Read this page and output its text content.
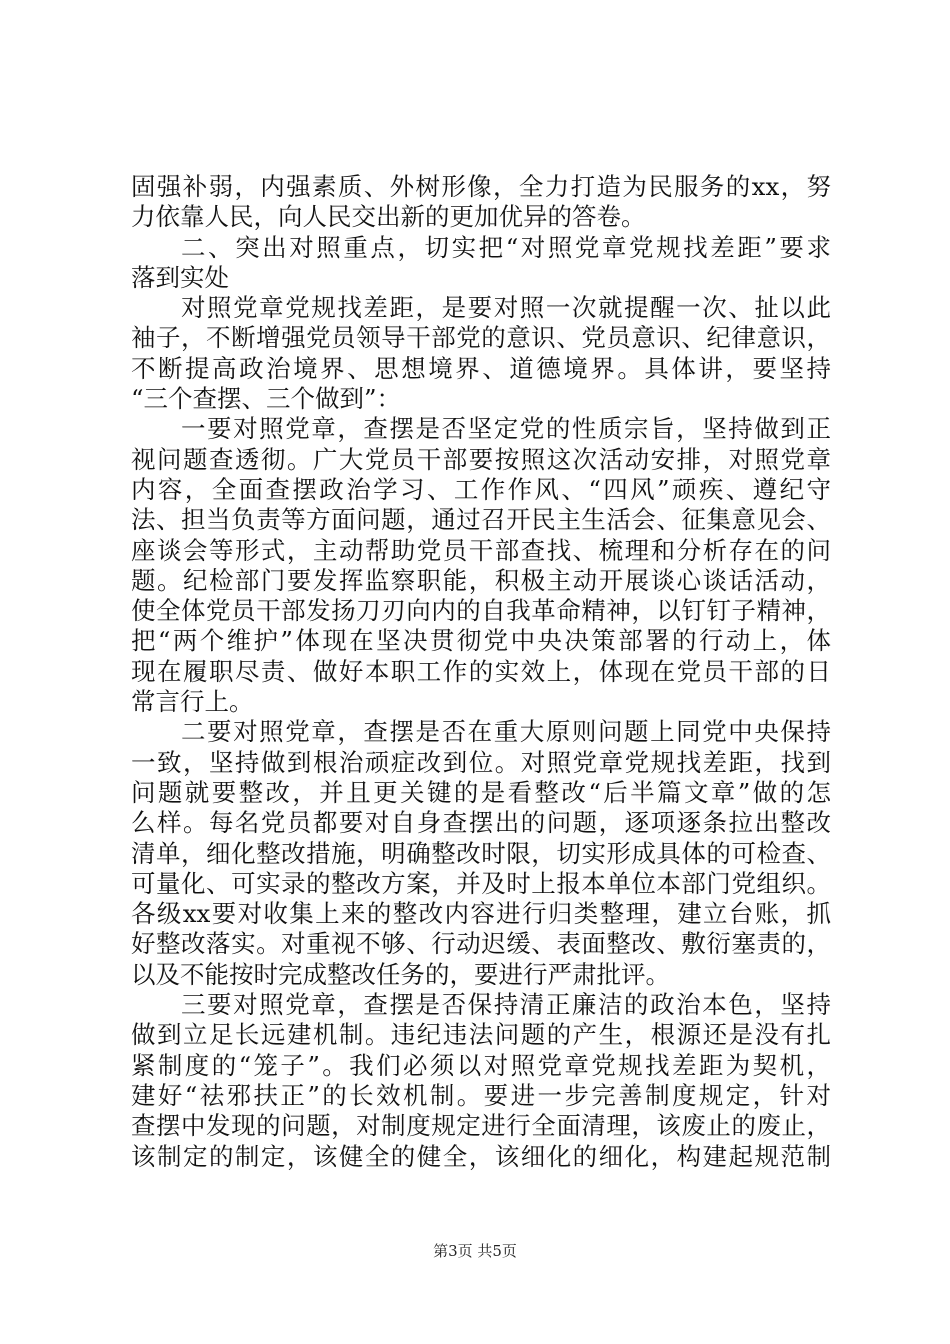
固强补弱，内强素质、外树形像，全力打造为民服务的xx，努
力依靠人民，向人民交出新的更加优异的答卷。
二、突出对照重点，切实把“对照党章党规找差距”要求
落到实处
对照党章党规找差距，是要对照一次就提醒一次、扯以此
袖子，不断增强党员领导干部党的意识、党员意识、纪律意识，
不断提高政治境界、思想境界、道德境界。具体讲，要坚持
“三个查摆、三个做到”：
一要对照党章，查摆是否坚定党的性质宗旨，坚持做到正
视问题查透彻。广大党员干部要按照这次活动安排，对照党章
内容，全面查摆政治学习、工作作风、“四风”顽疾、遵纪守
法、担当负责等方面问题，通过召开民主生活会、征集意见会、
座谈会等形式，主动帮助党员干部查找、梳理和分析存在的问
题。纪检部门要发挥监察职能，积极主动开展谈心谈话活动，
使全体党员干部发扬刀刃向内的自我革命精神，以钉钉子精神，
把“两个维护”体现在坚决贯彻党中央决策部署的行动上，体
现在履职尽责、做好本职工作的实效上，体现在党员干部的日
常言行上。
二要对照党章，查摆是否在重大原则问题上同党中央保持
一致，坚持做到根治顽症改到位。对照党章党规找差距，找到
问题就要整改，并且更关键的是看整改“后半篇文章”做的怎
么样。每名党员都要对自身查摆出的问题，逐项逐条拉出整改
清单，细化整改措施，明确整改时限，切实形成具体的可检查、
可量化、可实录的整改方案，并及时上报本单位本部门党组织。
各级xx要对收集上来的整改内容进行归类整理，建立台账，抓
好整改落实。对重视不够、行动迟缓、表面整改、敷衍塞责的，
以及不能按时完成整改任务的，要进行严肃批评。
三要对照党章，查摆是否保持清正廉洁的政治本色，坚持
做到立足长远建机制。违纪违法问题的产生，根源还是没有扎
紧制度的“笼子”。我们必须以对照党章党规找差距为契机，
建好“祛邪扶正”的长效机制。要进一步完善制度规定，针对
查摆中发现的问题，对制度规定进行全面清理，该废止的废止，
该制定的制定，该健全的健全，该细化的细化，构建起规范制
第3页 共5页
